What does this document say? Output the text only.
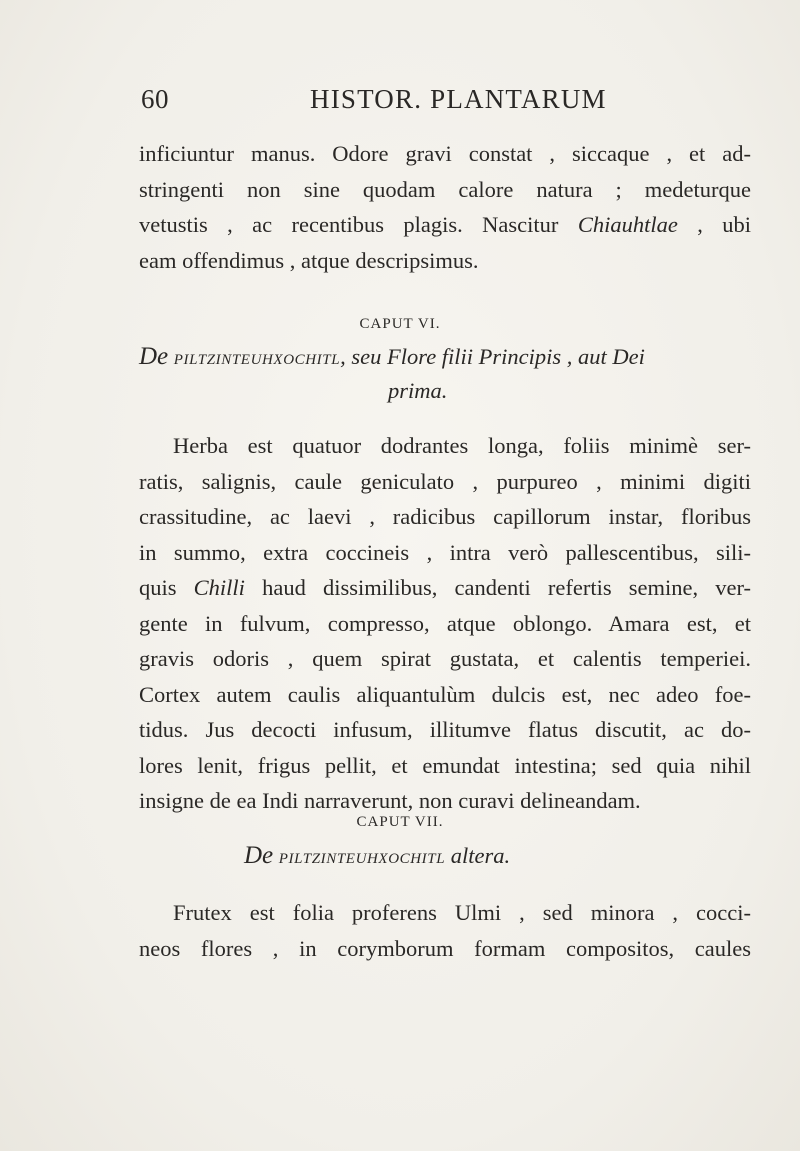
60	HISTOR. PLANTARUM
inficiuntur manus. Odore gravi constat , siccaque , et ad-
stringenti non sine quodam calore natura ; medeturque
vetustis , ac recentibus plagis. Nascitur Chiauhtlae , ubi
eam offendimus , atque descripsimus.
CAPUT VI.
De PILTZINTEUHXOCHITL, seu Flore filii Principis , aut Dei
prima.
Herba est quatuor dodrantes longa, foliis minimè ser-
ratis, salignis, caule geniculato , purpureo , minimi digiti
crassitudine, ac laevi , radicibus capillorum instar, floribus
in summo, extra coccineis , intra verò pallescentibus, sili-
quis Chilli haud dissimilibus, candenti refertis semine, ver-
gente in fulvum, compresso, atque oblongo. Amara est, et
gravis odoris , quem spirat gustata, et calentis temperiei.
Cortex autem caulis aliquantulùm dulcis est, nec adeo foe-
tidus. Jus decocti infusum, illitumve flatus discutit, ac do-
lores lenit, frigus pellit, et emundat intestina; sed quia nihil
insigne de ea Indi narraverunt, non curavi delineandam.
CAPUT VII.
De PILTZINTEUHXOCHITL altera.
Frutex est folia proferens Ulmi , sed minora , cocci-
neos flores , in corymborum formam compositos, caules
